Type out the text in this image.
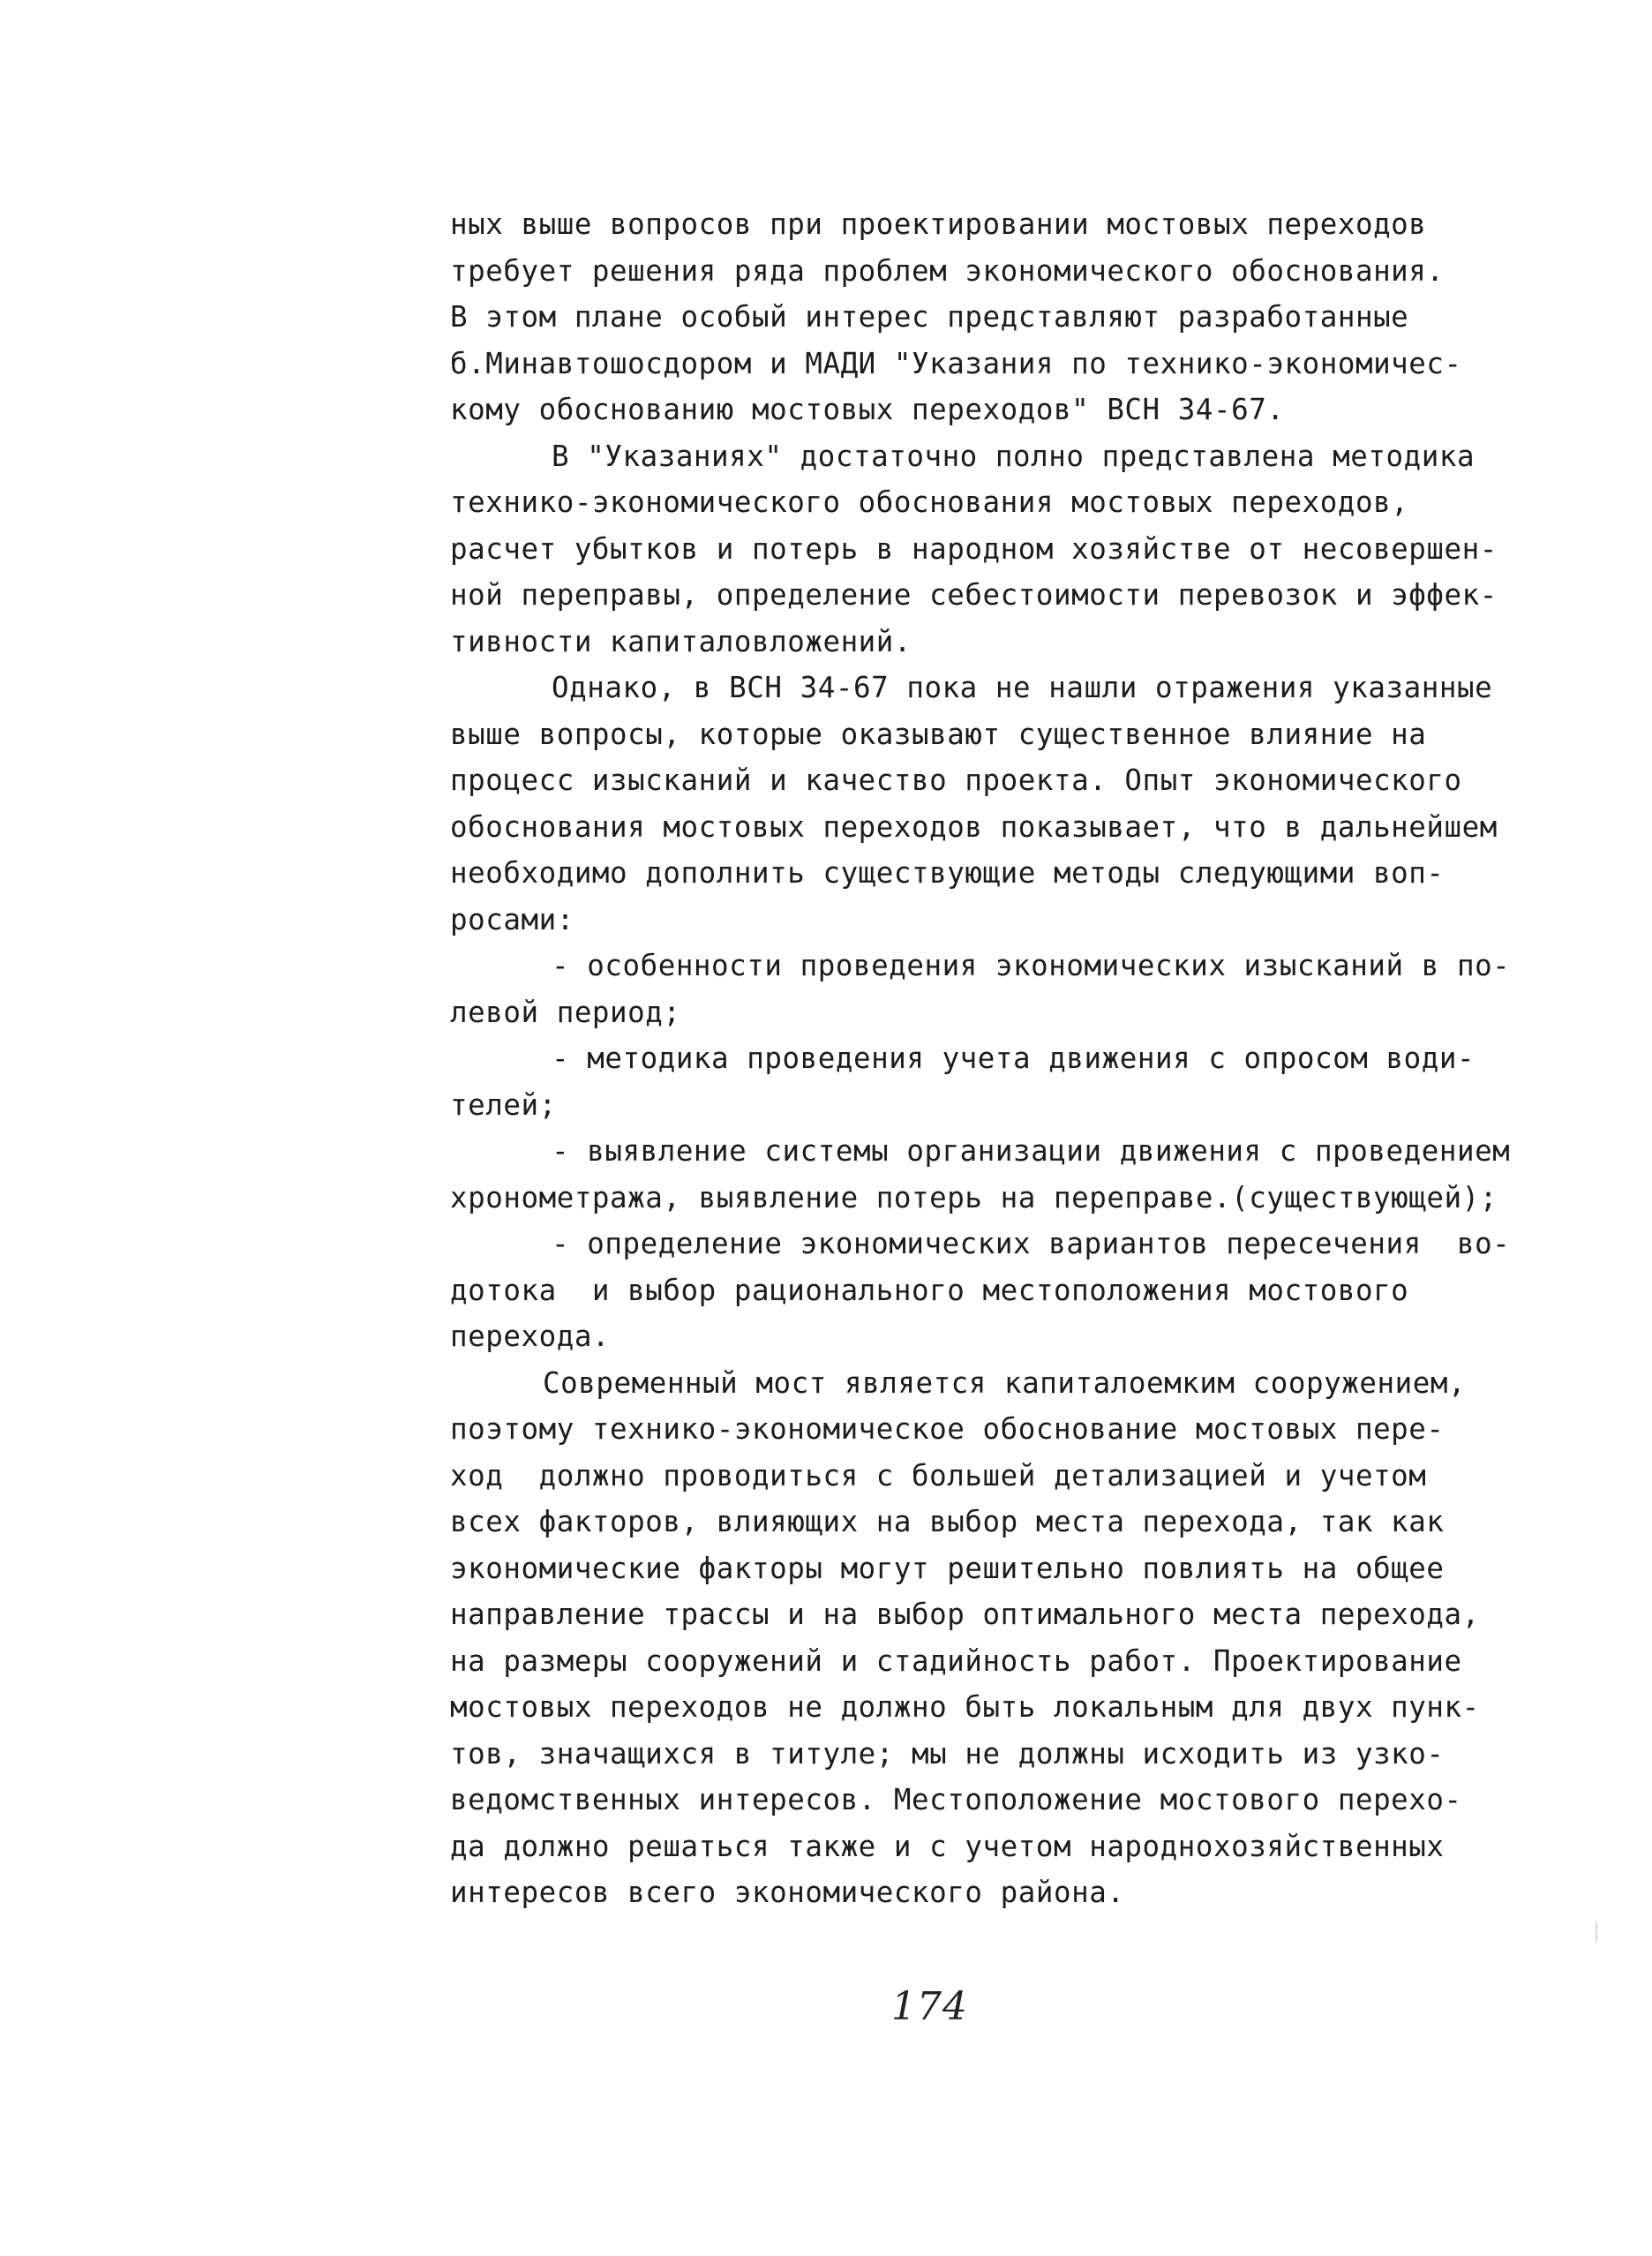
ных выше вопросов при проектировании мостовых переходов
требует решения ряда проблем экономического обоснования.
В этом плане особый интерес представляют разработанные
б.Минавтошосдором и МАДИ "Указания по технико-экономичес-
кому обоснованию мостовых переходов" ВСН 34-67.
В "Указаниях" достаточно полно представлена методика
технико-экономического обоснования мостовых переходов,
расчет убытков и потерь в народном хозяйстве от несовершен-
ной переправы, определение себестоимости перевозок и эффек-
тивности капиталовложений.
Однако, в ВСН 34-67 пока не нашли отражения указанные
выше вопросы, которые оказывают существенное влияние на
процесс изысканий и качество проекта. Опыт экономического
обоснования мостовых переходов показывает, что в дальнейшем
необходимо дополнить существующие методы следующими воп-
росами:
- особенности проведения экономических изысканий в по-
левой период;
- методика проведения учета движения с опросом води-
телей;
- выявление системы организации движения с проведением
хронометража, выявление потерь на переправе.(существующей);
- определение экономических вариантов пересечения  во-
дотока  и выбор рационального местоположения мостового
перехода.
Современный мост является капиталоемким сооружением,
поэтому технико-экономическое обоснование мостовых пере-
ход  должно проводиться с большей детализацией и учетом
всех факторов, влияющих на выбор места перехода, так как
экономические факторы могут решительно повлиять на общее
направление трассы и на выбор оптимального места перехода,
на размеры сооружений и стадийность работ. Проектирование
мостовых переходов не должно быть локальным для двух пунк-
тов, значащихся в титуле; мы не должны исходить из узко-
ведомственных интересов. Местоположение мостового перехо-
да должно решаться также и с учетом народнохозяйственных
интересов всего экономического района.
174
